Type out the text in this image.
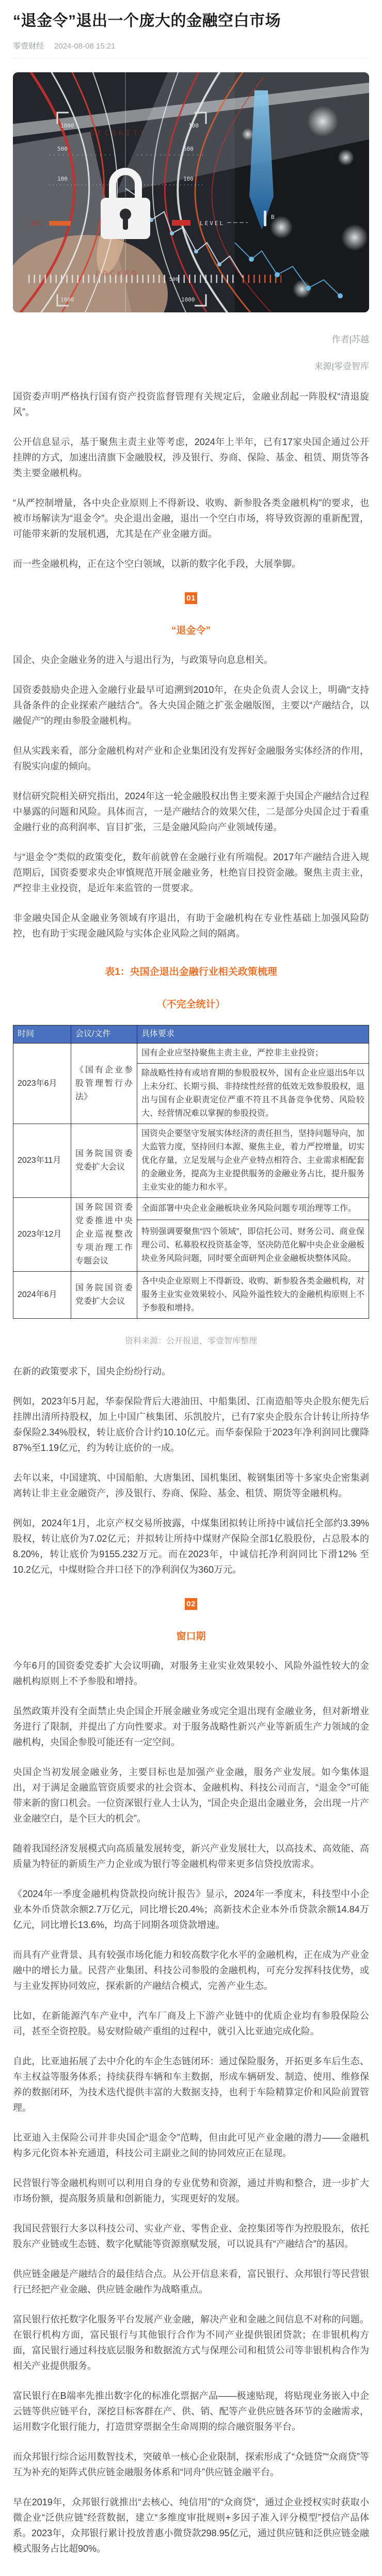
“退金令”退出一个庞大的金融空白市场
零壹财经 2024-08-08 15:21
SECURITY
LOCKED
1000	100
500	500
100	100
STD	LEVEL
B
500
1000	1000
作者|苏越
来源|零壹智库

国资委声明严格执行国有资产投资监督管理有关规定后，金融业刮起一阵股权“清退旋风”。

公开信息显示，基于聚焦主责主业等考虑，2024年上半年，已有17家央国企通过公开挂牌的方式，加速出清旗下金融股权，涉及银行、券商、保险、基金、租赁、期货等各类主要金融机构。

“从严控制增量，各中央企业原则上不得新设、收购、新参股各类金融机构”的要求，也被市场解读为“退金令”。央企退出金融，退出一个空白市场，将导致资源的重新配置，可能带来新的发展机遇，尤其是在产业金融方面。

而一些金融机构，正在这个空白领域，以新的数字化手段，大展拳脚。

01
“退金令”

国企、央企金融业务的进入与退出行为，与政策导向息息相关。

国资委鼓励央企进入金融行业最早可追溯到2010年，在央企负责人会议上，明确“支持具备条件的企业探索产融结合”。各大央国企随之扩张金融版图，主要以“产融结合，以融促产”的理由参股金融机构。

但从实践来看，部分金融机构对产业和企业集团没有发挥好金融服务实体经济的作用，有脱实向虚的倾向。

财信研究院相关研究指出，2024年这一轮金融股权出售主要来源于央国企产融结合过程中暴露的问题和风险。具体而言，一是产融结合的效果欠佳，二是部分央国企过于看重金融行业的高利润率、盲目扩张，三是金融风险向产业领域传递。

与“退金令”类似的政策变化，数年前就曾在金融行业有所端倪。2017年产融结合进入规范期后，国资委要求央企审慎规范开展金融业务，杜绝盲目投资金融。聚焦主责主业，严控非主业投资，是近年来监管的一贯要求。

非金融央国企从金融业务领域有序退出，有助于金融机构在专业性基础上加强风险防控，也有助于实现金融风险与实体企业风险之间的隔离。

表1：央国企退出金融行业相关政策梳理
（不完全统计）
时间	会议/文件	具体要求
2023年6月	《国有企业参股管理暂行办法》	国有企业应坚持聚焦主责主业，严控非主业投资；
		除战略性持有或培育期的参股股权外，国有企业应退出5年以上未分红、长期亏损、非持续性经营的低效无效参股股权，退出与国有企业职责定位严重不符且不具备竞争优势、风险较大、经营情况难以掌握的参股投资。
2023年11月	国务院国资委党委扩大会议	国资央企要坚守发展实体经济的责任担当，坚持问题导向，加大监管力度，坚持回归本源、聚焦主业，着力严控增量，切实优化存量，立足发展与企业产业特点相符合、主业需求相配套的金融业务，提高为主业提供服务的金融业务占比，提升服务主业实业的能力和水平。
2023年12月	国务院国资委党委推进中央企业巡视整改专项治理工作专题会议	全面部署中央企业金融板块业务风险问题专项治理等工作。
		特别强调要聚焦“四个领域”，即信托公司、财务公司、商业保理公司、私募股权投资基金等，坚决防范化解中央企业金融板块业务风险问题，同时要全面研判企业金融板块整体风险。
2024年6月	国务院国资委党委扩大会议	各中央企业原则上不得新设、收购、新参股各类金融机构，对服务主业实业效果较小、风险外溢性较大的金融机构原则上不予参股和增持。
资料来源：公开报道，零壹智库整理

在新的政策要求下，国央企纷纷行动。

例如，2023年5月起，华泰保险背后大港油田、中船集团、江南造船等央企股东便先后挂牌出清所持股权，加上中国广核集团、乐凯胶片，已有7家央企股东合计转让所持华泰保险2.34%股权，转让底价合计约10.10亿元。而华泰保险于2023年净利润同比骤降87%至1.19亿元，约为转让底价的一成。

去年以来，中国建筑、中国船舶、大唐集团、国机集团、鞍钢集团等十多家央企密集剥离转让非主业金融资产，涉及银行、券商、保险、基金、租赁、期货等金融机构。

例如，2024年1月，北京产权交易所披露，中煤集团拟转让所持中诚信托全部约3.39%股权，转让底价为7.02亿元；并拟转让所持中煤财产保险全部1亿股股份，占总股本的8.20%，转让底价为9155.232万元。而在2023年，中诚信托净利润同比下滑12% 至10.2亿元，中煤财险合并口径下的净利润仅为360万元。

02
窗口期

今年6月的国资委党委扩大会议明确，对服务主业实业效果较小、风险外溢性较大的金融机构原则上不予参股和增持。

虽然政策并没有全面禁止央企国企开展金融业务或完全退出现有金融业务，但对新增业务进行了限制，并提出了方向性要求。对于服务战略性新兴产业等新质生产力领域的金融机构，央国企参股可能还有一定空间。

央国企当初发展金融业务，主要目标也是加强产业金融，服务产业发展。如今集体退出，对于满足金融监管资质要求的社会资本、金融机构、科技公司而言，“退金令”可能带来新的窗口机会。一位资深银行业人士认为，“国企央企退出金融业务，会出现一片产业金融空白，是个巨大的机会”。

随着我国经济发展模式向高质量发展转变，新兴产业发展壮大，以高技术、高效能、高质量为特征的新质生产力企业或为银行等金融机构带来更多信贷投放需求。

《2024年一季度金融机构贷款投向统计报告》显示，2024年一季度末，科技型中小企业本外币贷款余额2.7万亿元，同比增长20.4%；高新技术企业本外币贷款余额14.84万亿元，同比增长13.6%，均高于同期各项贷款增速。

而具有产业背景、具有较强市场化能力和较高数字化水平的金融机构，正在成为产业金融中的增长力量。民营产业集团、科技公司参股的金融机构，可充分发挥科技优势，或与主业发挥协同效应，探索新的产融结合模式，完善产业生态。

比如，在新能源汽车产业中，汽车厂商及上下游产业链中的优质企业均有参股保险公司，甚至全资控股。易安财险破产重组的过程中，就引入比亚迪完成化险。

自此，比亚迪拓展了去中介化的车企生态链闭环：通过保险服务，开拓更多车后生态、车主权益等服务体系；持续获得车辆和车主数据，形成车辆研发、制造、使用、维修保养的数据闭环，为技术迭代提供丰富的大数据支持，也利于车险精算定价和风险前置管理。

比亚迪入主保险公司并非央国企“退金令”范畴，但由此可见产业金融的潜力——金融机构多元化资本补充通道，科技公司主副业之间的协同效应正在显现。

民营银行等金融机构则可以利用自身的专业优势和资源，通过并购和整合，进一步扩大市场份额，提高服务质量和创新能力，实现更好的发展。

我国民营银行大多以科技公司、实业产业、零售企业、金控集团等作为控股股东，依托股东产业链或生态链、数字化赋能等资源禀赋发展，可以说具有“产融结合”的基因。

供应链金融是产融结合的最佳结合点。从公开信息来看，富民银行、众邦银行等民营银行已经把产业金融、供应链金融作为战略重点。

富民银行依托数字化服务平台发展产业金融，解决产业和金融之间信息不对称的问题。在银行机构方面，富民银行与其他银行合作为不同产业提供银团贷款；在非银机构方面，富民银行通过科技底层服务和数据流方式与保理公司和租赁公司等非银机构合作为相关产业提供服务。

富民银行在B端率先推出数字化的标准化票据产品——极速贴现，将贴现业务嵌入中企云链等供应链平台，深挖目标客群在产、供、销、配等产业供应链各环节的金融需求，运用数字化银行能力，打造贯穿票据全生命周期的综合融资服务平台。

而众邦银行综合运用数智技术，突破单一核心企业限制，探索形成了“众链贷”“众商贷”等互为补充的矩阵式供应链金融服务体系和“同舟”供应链金融平台。

早在2019年，众邦银行就推出“去核心、纯信用”的“众商贷”，通过企业授权实时获取小微企业“泛供应链”经营数据，建立“多维度审批规则+多因子准入评分模型”授信产品体系。2023年，众邦银行累计投放普惠小微贷款298.95亿元，通过供应链和泛供应链金融模式服务占比超90%。
